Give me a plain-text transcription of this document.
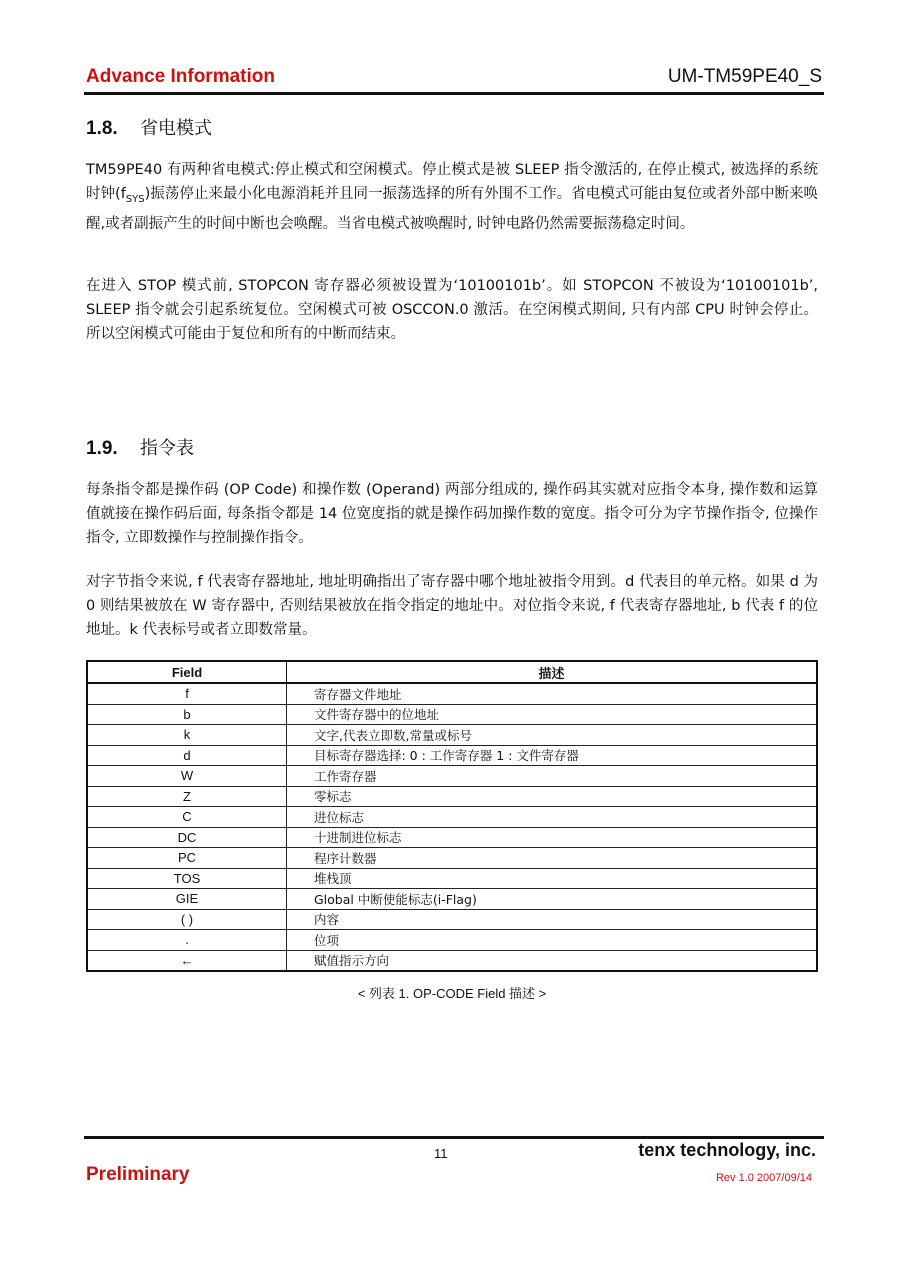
Advance Information	UM-TM59PE40_S
1.8. 省电模式
TM59PE40 有两种省电模式:停止模式和空闲模式。停止模式是被 SLEEP 指令激活的, 在停止模式, 被选择的系统时钟$(f_{SYS})$振荡停止来最小化电源消耗并且同一振荡选择的所有外围不工作。省电模式可能由复位或者外部中断来唤醒,或者副振产生的时间中断也会唤醒。当省电模式被唤醒时, 时钟电路仍然需要振荡稳定时间。
在进入 STOP 模式前, STOPCON 寄存器必须被设置为‘10100101b’。如 STOPCON 不被设为‘10100101b’, SLEEP 指令就会引起系统复位。空闲模式可被 OSCCON.0 激活。在空闲模式期间, 只有内部 CPU 时钟会停止。所以空闲模式可能由于复位和所有的中断而结束。
1.9. 指令表
每条指令都是操作码 (OP Code) 和操作数 (Operand) 两部分组成的, 操作码其实就对应指令本身, 操作数和运算值就接在操作码后面, 每条指令都是 14 位宽度指的就是操作码加操作数的宽度。指令可分为字节操作指令, 位操作指令, 立即数操作与控制操作指令。
对字节指令来说, f 代表寄存器地址, 地址明确指出了寄存器中哪个地址被指令用到。d 代表目的单元格。如果 d 为 0 则结果被放在 W 寄存器中, 否则结果被放在指令指定的地址中。对位指令来说, f 代表寄存器地址, b 代表 f 的位地址。k 代表标号或者立即数常量。
Field	描述
f	寄存器文件地址
b	文件寄存器中的位地址
k	文字,代表立即数,常量或标号
d	目标寄存器选择: 0 : 工作寄存器 1 : 文件寄存器
W	工作寄存器
Z	零标志
C	进位标志
DC	十进制进位标志
PC	程序计数器
TOS	堆栈顶
GIE	Global 中断使能标志(i-Flag)
( )	内容
.	位项
←	赋值指示方向
< 列表 1. OP-CODE Field 描述 >
11	tenx technology, inc.
Preliminary	Rev 1.0 2007/09/14
